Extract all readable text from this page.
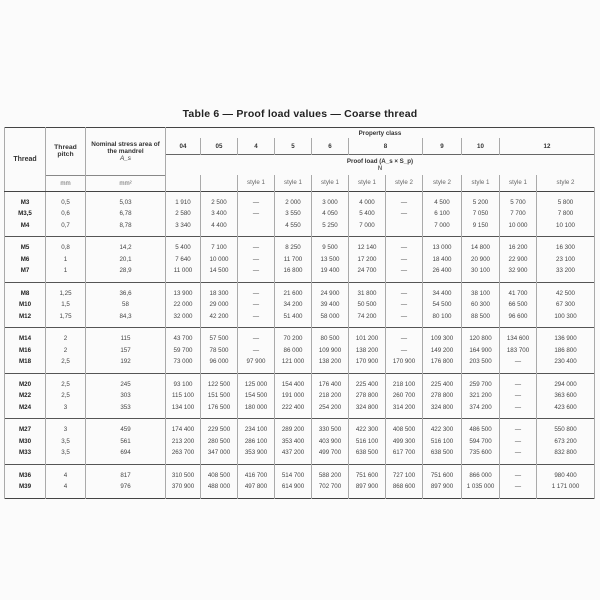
Table 6 — Proof load values — Coarse thread
Thread	Thread pitch	Nominal stress area of the mandrel
A_s	Property class										
			04	05	4	5	6	8		9	10	12	
			Proof load (A_s × S_p)
N										
	mm	mm²			style 1	style 1	style 1	style 1	style 2	style 2	style 1	style 1	style 2
M3	0,5	5,03	1 910	2 500	—	2 000	3 000	4 000	—	4 500	5 200	5 700	5 800
M3,5	0,6	6,78	2 580	3 400	—	3 550	4 050	5 400	—	6 100	7 050	7 700	7 800
M4	0,7	8,78	3 340	4 400		4 550	5 250	7 000		7 000	9 150	10 000	10 100
M5	0,8	14,2	5 400	7 100	—	8 250	9 500	12 140	—	13 000	14 800	16 200	16 300
M6	1	20,1	7 640	10 000	—	11 700	13 500	17 200	—	18 400	20 900	22 900	23 100
M7	1	28,9	11 000	14 500	—	16 800	19 400	24 700	—	26 400	30 100	32 900	33 200
M8	1,25	36,6	13 900	18 300	—	21 600	24 900	31 800	—	34 400	38 100	41 700	42 500
M10	1,5	58	22 000	29 000	—	34 200	39 400	50 500	—	54 500	60 300	66 500	67 300
M12	1,75	84,3	32 000	42 200	—	51 400	58 000	74 200	—	80 100	88 500	96 600	100 300
M14	2	115	43 700	57 500	—	70 200	80 500	101 200	—	109 300	120 800	134 600	136 900
M16	2	157	59 700	78 500	—	86 000	109 900	138 200	—	149 200	164 900	183 700	186 800
M18	2,5	192	73 000	96 000	97 900	121 000	138 200	170 900	170 900	176 800	203 500	—	230 400
M20	2,5	245	93 100	122 500	125 000	154 400	176 400	225 400	218 100	225 400	259 700	—	294 000
M22	2,5	303	115 100	151 500	154 500	191 000	218 200	278 800	260 700	278 800	321 200	—	363 600
M24	3	353	134 100	176 500	180 000	222 400	254 200	324 800	314 200	324 800	374 200	—	423 600
M27	3	459	174 400	229 500	234 100	289 200	330 500	422 300	408 500	422 300	486 500	—	550 800
M30	3,5	561	213 200	280 500	286 100	353 400	403 900	516 100	499 300	516 100	594 700	—	673 200
M33	3,5	694	263 700	347 000	353 900	437 200	499 700	638 500	617 700	638 500	735 600	—	832 800
M36	4	817	310 500	408 500	416 700	514 700	588 200	751 600	727 100	751 600	866 000	—	980 400
M39	4	976	370 900	488 000	497 800	614 900	702 700	897 900	868 600	897 900	1 035 000	—	1 171 000
